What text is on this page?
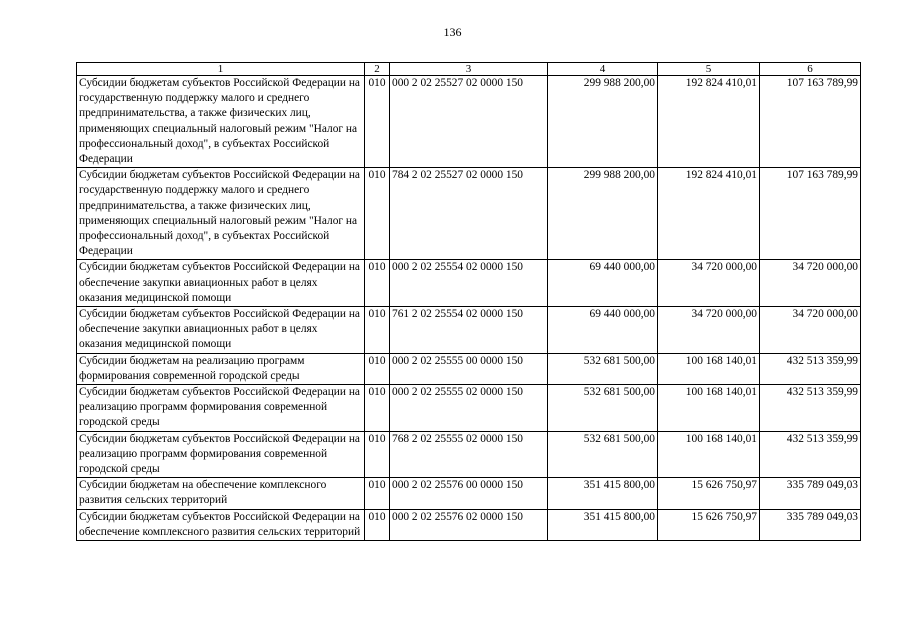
136
1	2	3	4	5	6
Субсидии бюджетам субъектов Российской Федерации на государственную поддержку малого и среднего предпринимательства, а также физических лиц, применяющих специальный налоговый режим "Налог на профессиональный доход", в субъектах Российской Федерации	010	000 2 02 25527 02 0000 150	299 988 200,00	192 824 410,01	107 163 789,99
Субсидии бюджетам субъектов Российской Федерации на государственную поддержку малого и среднего предпринимательства, а также физических лиц, применяющих специальный налоговый режим "Налог на профессиональный доход", в субъектах Российской Федерации	010	784 2 02 25527 02 0000 150	299 988 200,00	192 824 410,01	107 163 789,99
Субсидии бюджетам субъектов Российской Федерации на обеспечение закупки авиационных работ в целях оказания медицинской помощи	010	000 2 02 25554 02 0000 150	69 440 000,00	34 720 000,00	34 720 000,00
Субсидии бюджетам субъектов Российской Федерации на обеспечение закупки авиационных работ в целях оказания медицинской помощи	010	761 2 02 25554 02 0000 150	69 440 000,00	34 720 000,00	34 720 000,00
Субсидии бюджетам на реализацию программ формирования современной городской среды	010	000 2 02 25555 00 0000 150	532 681 500,00	100 168 140,01	432 513 359,99
Субсидии бюджетам субъектов Российской Федерации на реализацию программ формирования современной городской среды	010	000 2 02 25555 02 0000 150	532 681 500,00	100 168 140,01	432 513 359,99
Субсидии бюджетам субъектов Российской Федерации на реализацию программ формирования современной городской среды	010	768 2 02 25555 02 0000 150	532 681 500,00	100 168 140,01	432 513 359,99
Субсидии бюджетам на обеспечение комплексного развития сельских территорий	010	000 2 02 25576 00 0000 150	351 415 800,00	15 626 750,97	335 789 049,03
Субсидии бюджетам субъектов Российской Федерации на обеспечение комплексного развития сельских территорий	010	000 2 02 25576 02 0000 150	351 415 800,00	15 626 750,97	335 789 049,03
